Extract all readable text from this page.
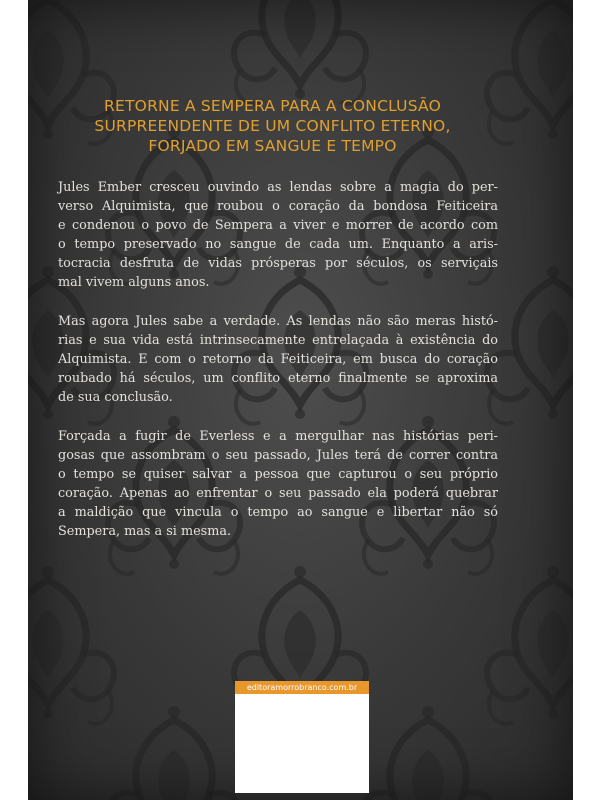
RETORNE A SEMPERA PARA A CONCLUSÃO
SURPREENDENTE DE UM CONFLITO ETERNO,
FORJADO EM SANGUE E TEMPO
Jules Ember cresceu ouvindo as lendas sobre a magia do per-
verso Alquimista, que roubou o coração da bondosa Feiticeira
e condenou o povo de Sempera a viver e morrer de acordo com
o tempo preservado no sangue de cada um. Enquanto a aris-
tocracia desfruta de vidas prósperas por séculos, os serviçais
mal vivem alguns anos.
Mas agora Jules sabe a verdade. As lendas não são meras histó-
rias e sua vida está intrinsecamente entrelaçada à existência do
Alquimista. E com o retorno da Feiticeira, em busca do coração
roubado há séculos, um conflito eterno finalmente se aproxima
de sua conclusão.
Forçada a fugir de Everless e a mergulhar nas histórias peri-
gosas que assombram o seu passado, Jules terá de correr contra
o tempo se quiser salvar a pessoa que capturou o seu próprio
coração. Apenas ao enfrentar o seu passado ela poderá quebrar
a maldição que vincula o tempo ao sangue e libertar não só
Sempera, mas a si mesma.
editoramorrobranco.com.br
